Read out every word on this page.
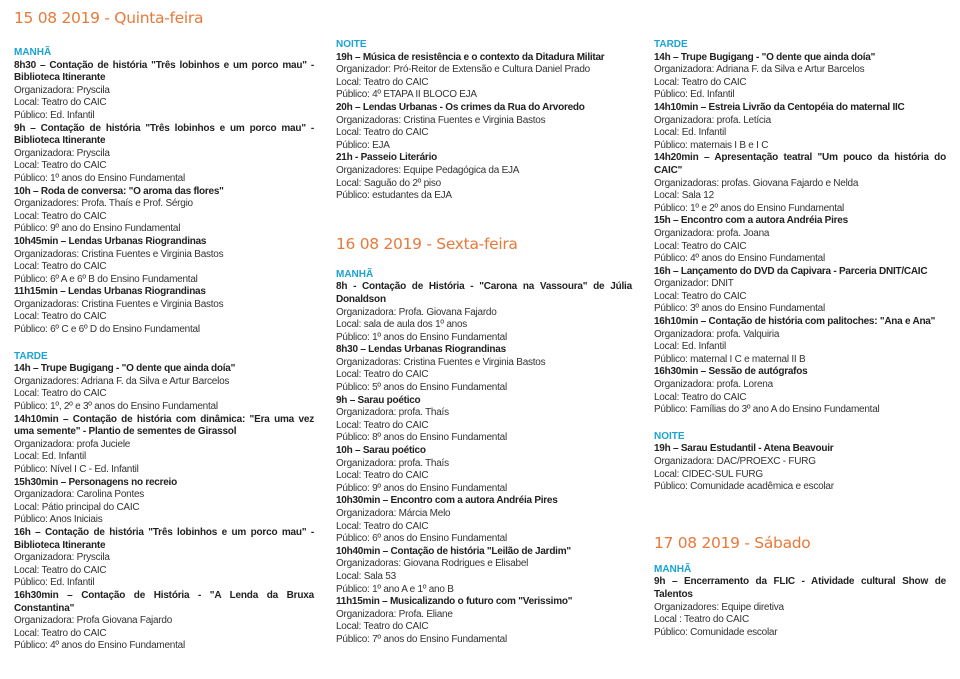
15 08 2019 - Quinta-feira
MANHÃ
8h30 – Contação de história "Três lobinhos e um porco mau" - Biblioteca Itinerante
Organizadora: Pryscila
Local: Teatro do CAIC
Público: Ed. Infantil
9h – Contação de história "Três lobinhos e um porco mau" - Biblioteca Itinerante
Organizadora: Pryscila
Local: Teatro do CAIC
Público: 1º anos do Ensino Fundamental
10h – Roda de conversa: "O aroma das flores"
Organizadores: Profa. Thaís e Prof. Sérgio
Local: Teatro do CAIC
Público: 9º ano do Ensino Fundamental
10h45min – Lendas Urbanas Riograndinas
Organizadoras: Cristina Fuentes e Virginia Bastos
Local: Teatro do CAIC
Público: 6º A e 6º B do Ensino Fundamental
11h15min – Lendas Urbanas Riograndinas
Organizadoras: Cristina Fuentes e Virginia Bastos
Local: Teatro do CAIC
Público: 6º C e 6º D do Ensino Fundamental
TARDE
14h – Trupe Bugigang - "O dente que ainda doía"
Organizadores: Adriana F. da Silva e Artur Barcelos
Local: Teatro do CAIC
Público: 1º, 2º e 3º anos do Ensino Fundamental
14h10min – Contação de história com dinâmica: "Era uma vez uma semente" - Plantio de sementes de Girassol
Organizadora: profa Juciele
Local: Ed. Infantil
Público: Nível I C - Ed. Infantil
15h30min – Personagens no recreio
Organizadora: Carolina Pontes
Local: Pátio principal do CAIC
Público: Anos Iniciais
16h – Contação de história "Três lobinhos e um porco mau" - Biblioteca Itinerante
Organizadora: Pryscila
Local: Teatro do CAIC
Público: Ed. Infantil
16h30min – Contação de História - "A Lenda da Bruxa Constantina"
Organizadora: Profa Giovana Fajardo
Local: Teatro do CAIC
Público: 4º anos do Ensino Fundamental
NOITE
19h – Música de resistência e o contexto da Ditadura Militar
Organizador: Pró-Reitor de Extensão e Cultura Daniel Prado
Local: Teatro do CAIC
Público: 4º ETAPA II BLOCO EJA
20h – Lendas Urbanas - Os crimes da Rua do Arvoredo
Organizadoras: Cristina Fuentes e Virginia Bastos
Local: Teatro do CAIC
Público: EJA
21h - Passeio Literário
Organizadores: Equipe Pedagógica da EJA
Local: Saguão do 2º piso
Público: estudantes da EJA
16 08 2019 - Sexta-feira
MANHÃ
8h - Contação de História - "Carona na Vassoura" de Júlia Donaldson
Organizadora: Profa. Giovana Fajardo
Local: sala de aula dos 1º anos
Público: 1º anos do Ensino Fundamental
8h30 – Lendas Urbanas Riograndinas
Organizadoras: Cristina Fuentes e Virginia Bastos
Local: Teatro do CAIC
Público: 5º anos do Ensino Fundamental
9h – Sarau poético
Organizadora: profa. Thaís
Local: Teatro do CAIC
Público: 8º anos do Ensino Fundamental
10h – Sarau poético
Organizadora: profa. Thaís
Local: Teatro do CAIC
Público: 9º anos do Ensino Fundamental
10h30min – Encontro com a autora Andréia Pires
Organizadora: Márcia Melo
Local: Teatro do CAIC
Público: 6º anos do Ensino Fundamental
10h40min – Contação de história "Leilão de Jardim"
Organizadoras: Giovana Rodrigues e Elisabel
Local: Sala 53
Público: 1º ano A e 1º ano B
11h15min – Musicalizando o futuro com "Verissimo"
Organizadora: Profa. Eliane
Local: Teatro do CAIC
Público: 7º anos do Ensino Fundamental
TARDE
14h – Trupe Bugigang - "O dente que ainda doía"
Organizadora: Adriana F. da Silva e Artur Barcelos
Local: Teatro do CAIC
Público: Ed. Infantil
14h10min – Estreia Livrão da Centopéia do maternal IIC
Organizadora: profa. Letícia
Local: Ed. Infantil
Público: maternais I B e I C
14h20min – Apresentação teatral "Um pouco da história do CAIC"
Organizadoras: profas. Giovana Fajardo e Nelda
Local: Sala 12
Público: 1º e 2º anos do Ensino Fundamental
15h – Encontro com a autora Andréia Pires
Organizadora: profa. Joana
Local: Teatro do CAIC
Público: 4º anos do Ensino Fundamental
16h – Lançamento do DVD da Capivara - Parceria DNIT/CAIC
Organizador: DNIT
Local: Teatro do CAIC
Público: 3º anos do Ensino Fundamental
16h10min – Contação de história com palitoches: "Ana e Ana"
Organizadora: profa. Valquiria
Local: Ed. Infantil
Público: maternal I C e maternal II B
16h30min – Sessão de autógrafos
Organizadora: profa. Lorena
Local: Teatro do CAIC
Público: Famílias do 3º ano A do Ensino Fundamental
NOITE
19h – Sarau Estudantil - Atena Beavouir
Organizadora: DAC/PROEXC - FURG
Local: CIDEC-SUL FURG
Público: Comunidade acadêmica e escolar
17 08 2019 - Sábado
MANHÃ
9h – Encerramento da FLIC - Atividade cultural Show de Talentos
Organizadores: Equipe diretiva
Local : Teatro do CAIC
Público: Comunidade escolar
